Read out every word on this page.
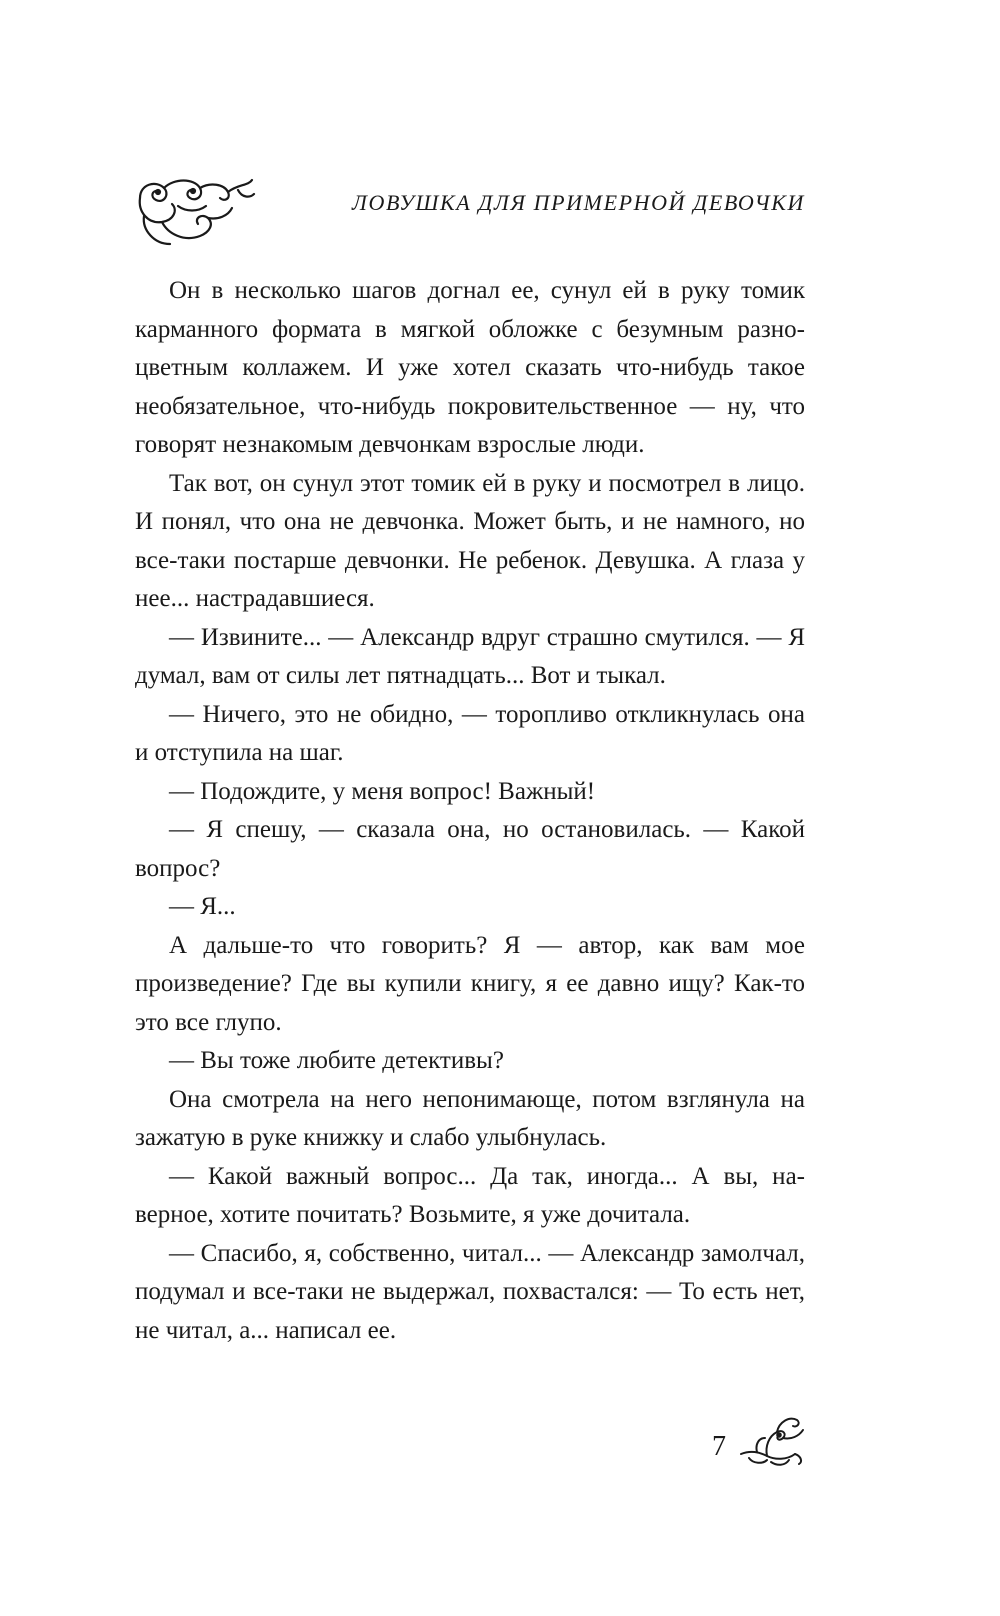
ЛОВУШКА ДЛЯ ПРИМЕРНОЙ ДЕВОЧКИ

Он в несколько шагов догнал ее, сунул ей в руку томик карманного формата в мягкой обложке с безумным разноцветным коллажем. И уже хотел сказать что-нибудь такое необязательное, что-нибудь покровительственное — ну, что говорят незнакомым девчонкам взрослые люди.

Так вот, он сунул этот томик ей в руку и посмотрел в лицо. И понял, что она не девчонка. Может быть, и не намного, но все-таки постарше девчонки. Не ребенок. Девушка. А глаза у нее... настрадавшиеся.

— Извините... — Александр вдруг страшно смутился. — Я думал, вам от силы лет пятнадцать... Вот и тыкал.

— Ничего, это не обидно, — торопливо откликнулась она и отступила на шаг.

— Подождите, у меня вопрос! Важный!

— Я спешу, — сказала она, но остановилась. — Какой вопрос?

— Я...

А дальше-то что говорить? Я — автор, как вам мое произведение? Где вы купили книгу, я ее давно ищу? Как-то это все глупо.

— Вы тоже любите детективы?

Она смотрела на него непонимающе, потом взглянула на зажатую в руке книжку и слабо улыбнулась.

— Какой важный вопрос... Да так, иногда... А вы, наверное, хотите почитать? Возьмите, я уже дочитала.

— Спасибо, я, собственно, читал... — Александр замолчал, подумал и все-таки не выдержал, похвастался: — То есть нет, не читал, а... написал ее.

7
